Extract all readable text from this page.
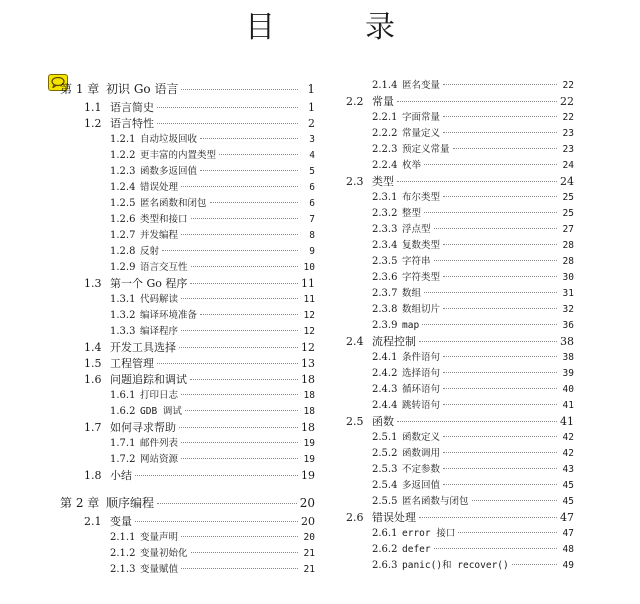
目　录
第 1 章 初识 Go 语言	1
1.1 语言简史	1
1.2 语言特性	2
1.2.1 自动垃圾回收	3
1.2.2 更丰富的内置类型	4
1.2.3 函数多返回值	5
1.2.4 错误处理	6
1.2.5 匿名函数和闭包	6
1.2.6 类型和接口	7
1.2.7 并发编程	8
1.2.8 反射	9
1.2.9 语言交互性	10
1.3 第一个 Go 程序	11
1.3.1 代码解读	11
1.3.2 编译环境准备	12
1.3.3 编译程序	12
1.4 开发工具选择	12
1.5 工程管理	13
1.6 问题追踪和调试	18
1.6.1 打印日志	18
1.6.2 GDB 调试	18
1.7 如何寻求帮助	18
1.7.1 邮件列表	19
1.7.2 网站资源	19
1.8 小结	19
第 2 章 顺序编程	20
2.1 变量	20
2.1.1 变量声明	20
2.1.2 变量初始化	21
2.1.3 变量赋值	21
2.1.4 匿名变量	22
2.2 常量	22
2.2.1 字面常量	22
2.2.2 常量定义	23
2.2.3 预定义常量	23
2.2.4 枚举	24
2.3 类型	24
2.3.1 布尔类型	25
2.3.2 整型	25
2.3.3 浮点型	27
2.3.4 复数类型	28
2.3.5 字符串	28
2.3.6 字符类型	30
2.3.7 数组	31
2.3.8 数组切片	32
2.3.9 map	36
2.4 流程控制	38
2.4.1 条件语句	38
2.4.2 选择语句	39
2.4.3 循环语句	40
2.4.4 跳转语句	41
2.5 函数	41
2.5.1 函数定义	42
2.5.2 函数调用	42
2.5.3 不定参数	43
2.5.4 多返回值	45
2.5.5 匿名函数与闭包	45
2.6 错误处理	47
2.6.1 error 接口	47
2.6.2 defer	48
2.6.3 panic()和 recover()	49
